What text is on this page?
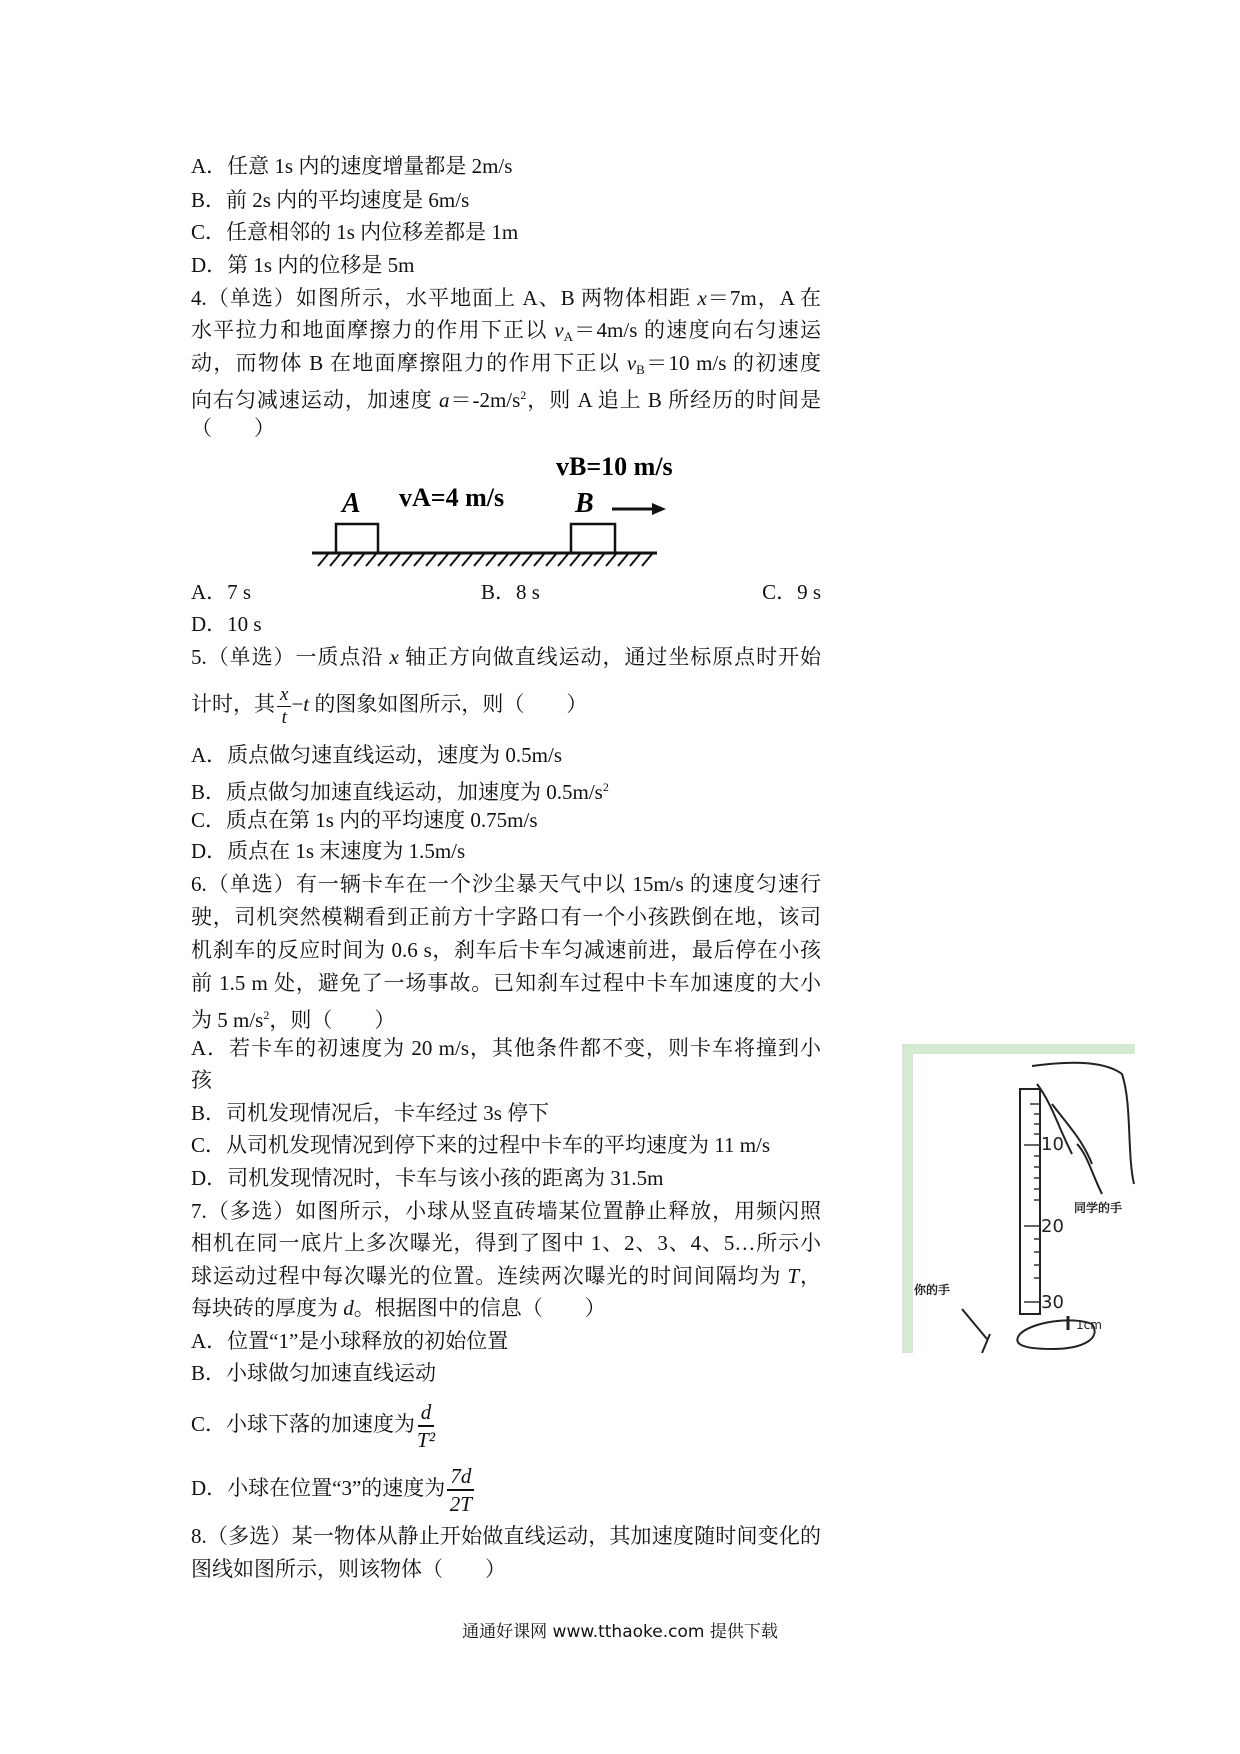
A．任意 1s 内的速度增量都是 2m/s
B．前 2s 内的平均速度是 6m/s
C．任意相邻的 1s 内位移差都是 1m
D．第 1s 内的位移是 5m
4.（单选）如图所示，水平地面上 A、B 两物体相距 x＝7m，A 在
水平拉力和地面摩擦力的作用下正以 $v_A=4m/s$ 的速度向右匀速运
动，而物体 B 在地面摩擦阻力的作用下正以 $v_B=10$ m/s 的初速度
向右匀减速运动，加速度 $a=-2m/s^2$，则 A 追上 B 所经历的时间是
（　　）
A	B
vA=4 m/s
vB=10 m/s
A．7 s	B．8 s	C．9 s
D．10 s
5.（单选）一质点沿 x 轴正方向做直线运动，通过坐标原点时开始
计时，其 $\frac{x}{t} -t$ 的图象如图所示，则（　　）
A．质点做匀速直线运动，速度为 0.5m/s
B．质点做匀加速直线运动，加速度为 $0.5m/s^2$
C．质点在第 1s 内的平均速度 0.75m/s
D．质点在 1s 末速度为 1.5m/s
6.（单选）有一辆卡车在一个沙尘暴天气中以 15m/s 的速度匀速行
驶，司机突然模糊看到正前方十字路口有一个小孩跌倒在地，该司
机刹车的反应时间为 0.6 s，刹车后卡车匀减速前进，最后停在小孩
前 1.5 m 处，避免了一场事故。已知刹车过程中卡车加速度的大小
为 5 $m/s^2$，则（　　）
A．若卡车的初速度为 20 m/s，其他条件都不变，则卡车将撞到小
孩
B．司机发现情况后，卡车经过 3s 停下
C．从司机发现情况到停下来的过程中卡车的平均速度为 11 m/s
D．司机发现情况时，卡车与该小孩的距离为 31.5m
7.（多选）如图所示，小球从竖直砖墙某位置静止释放，用频闪照
相机在同一底片上多次曝光，得到了图中 1、2、3、4、5…所示小
球运动过程中每次曝光的位置。连续两次曝光的时间间隔均为 T，
每块砖的厚度为 d。根据图中的信息（　　）
A．位置“1”是小球释放的初始位置
B．小球做匀加速直线运动
C．小球下落的加速度为 $\frac{d}{\text{T²}}$
D．小球在位置“3”的速度为 $\frac{7d}{2T}$
8.（多选）某一物体从静止开始做直线运动，其加速度随时间变化的
图线如图所示，则该物体（　　）
10
20
30
同学的手
你的手
1cm
通通好课网 www.tthaoke.com 提供下载
